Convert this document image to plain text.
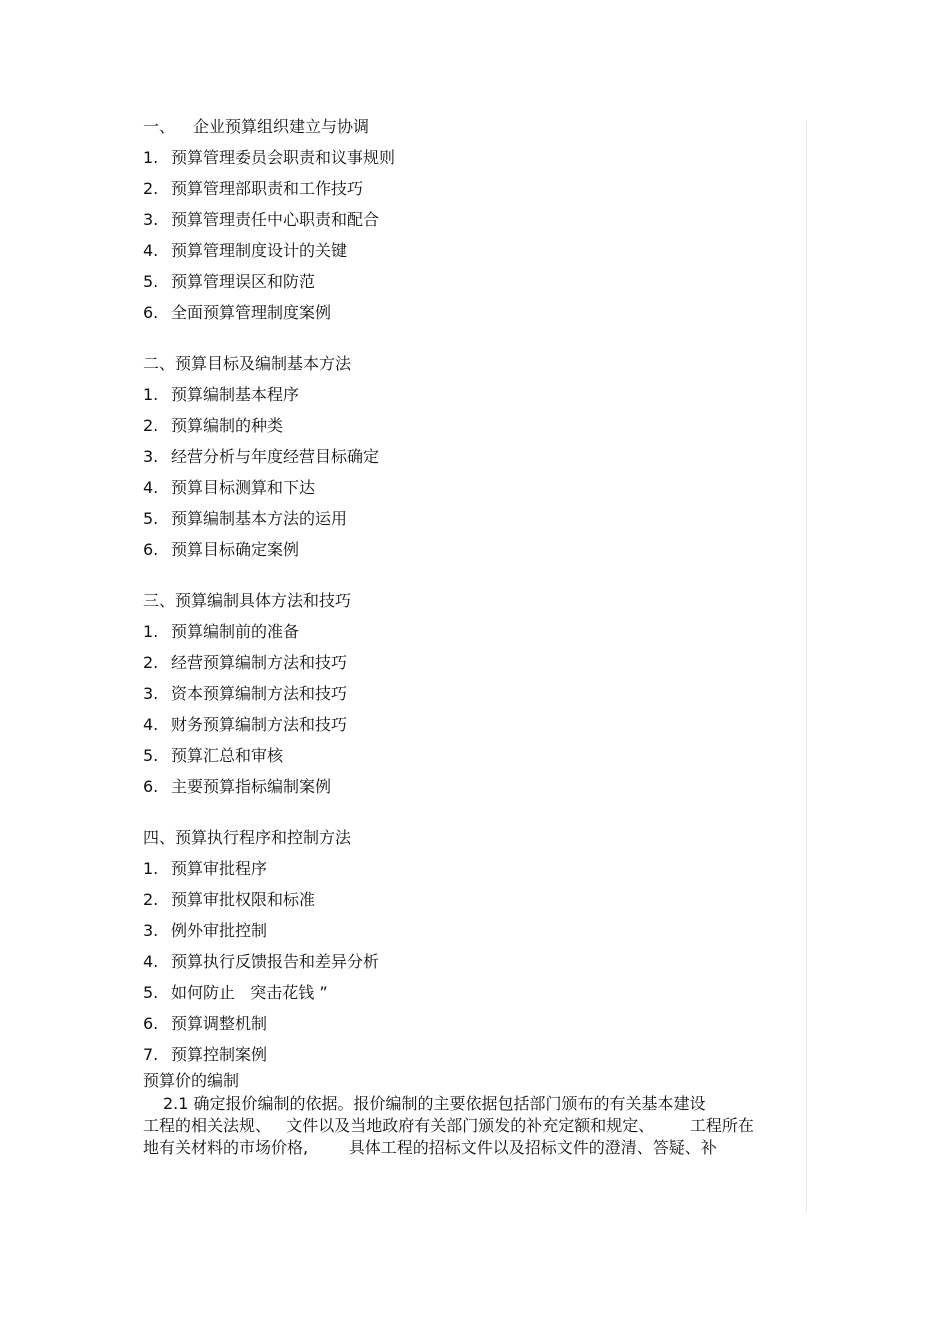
一、 企业预算组织建立与协调
1. 预算管理委员会职责和议事规则
2. 预算管理部职责和工作技巧
3. 预算管理责任中心职责和配合
4. 预算管理制度设计的关键
5. 预算管理误区和防范
6. 全面预算管理制度案例
二、预算目标及编制基本方法
1. 预算编制基本程序
2. 预算编制的种类
3. 经营分析与年度经营目标确定
4. 预算目标测算和下达
5. 预算编制基本方法的运用
6. 预算目标确定案例
三、预算编制具体方法和技巧
1. 预算编制前的准备
2. 经营预算编制方法和技巧
3. 资本预算编制方法和技巧
4. 财务预算编制方法和技巧
5. 预算汇总和审核
6. 主要预算指标编制案例
四、预算执行程序和控制方法
1. 预算审批程序
2. 预算审批权限和标准
3. 例外审批控制
4. 预算执行反馈报告和差异分析
5. 如何防止   突击花钱 ”
6. 预算调整机制
7. 预算控制案例
预算价的编制
2.1 确定报价编制的依据。报价编制的主要依据包括部门颁布的有关基本建设
工程的相关法规、   文件以及当地政府有关部门颁发的补充定额和规定、       工程所在
地有关材料的市场价格,        具体工程的招标文件以及招标文件的澄清、答疑、补
